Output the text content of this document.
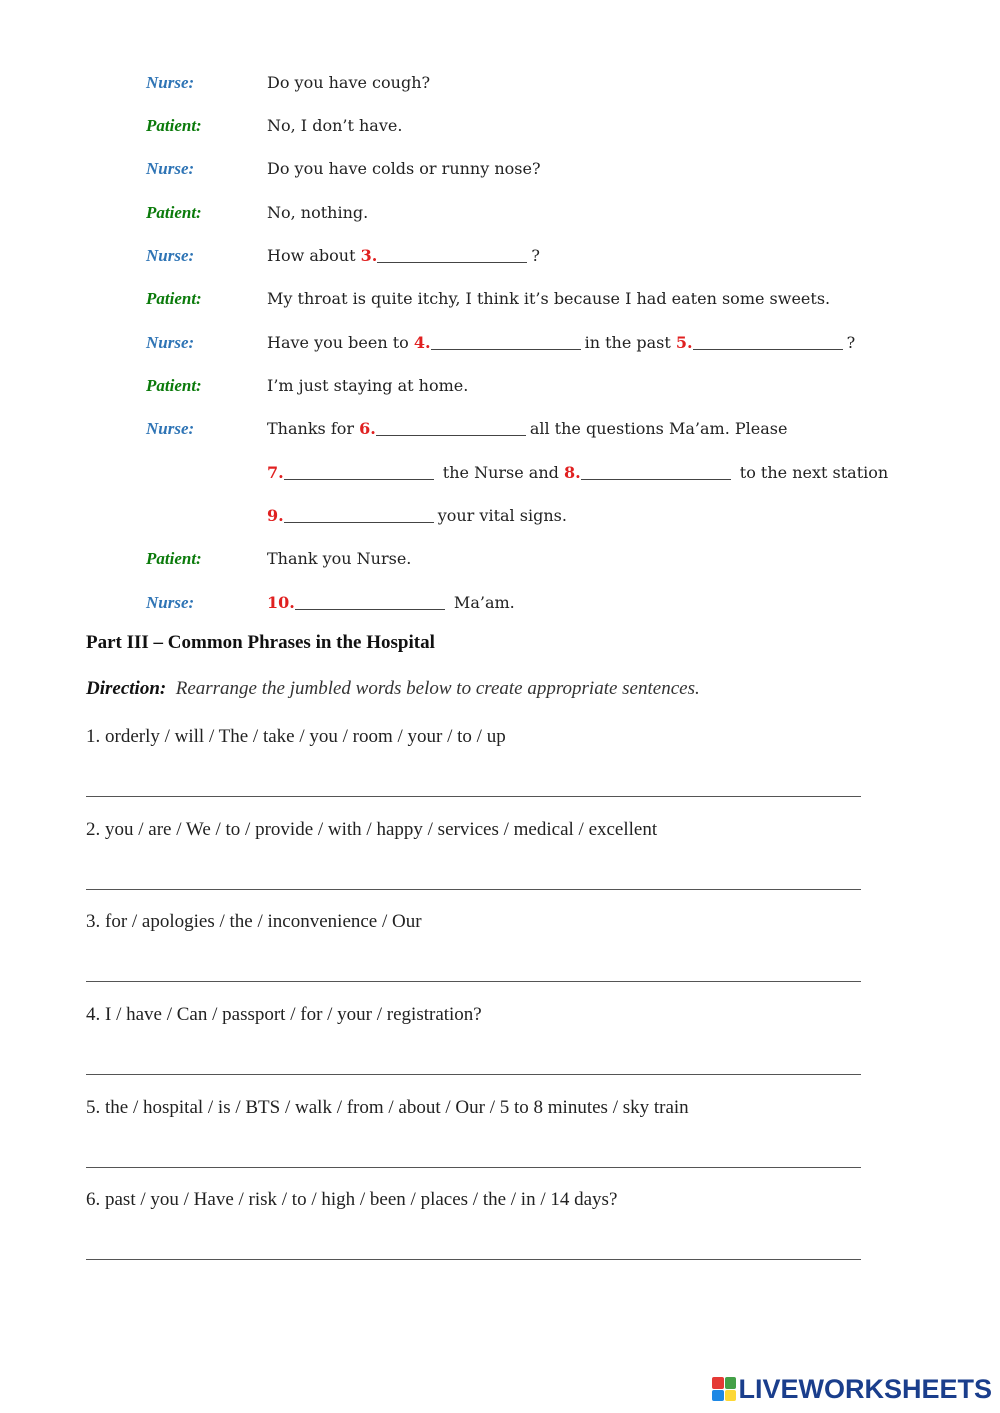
Nurse:	Do you have cough?
Patient:	No, I don’t have.
Nurse:	Do you have colds or runny nose?
Patient:	No, nothing.
Nurse:	How about 3.	?
Patient:	My throat is quite itchy, I think it’s because I had eaten some sweets.
Nurse:	Have you been to 4.	in the past 5.	?
Patient:	I’m just staying at home.
Nurse:	Thanks for 6.	all the questions Ma’am. Please
7.	the Nurse and 8.	to the next station
9.	your vital signs.
Patient:	Thank you Nurse.
Nurse:	10.	Ma’am.
Part III – Common Phrases in the Hospital
Direction: Rearrange the jumbled words below to create appropriate sentences.
1. orderly / will / The / take / you / room / your / to / up
2. you / are / We / to / provide / with / happy / services / medical / excellent
3. for / apologies / the / inconvenience / Our
4. I / have / Can / passport / for / your / registration?
5. the / hospital / is / BTS / walk / from / about / Our / 5 to 8 minutes / sky train
6. past / you / Have / risk / to / high / been / places / the / in / 14 days?
LIVEWORKSHEETS
